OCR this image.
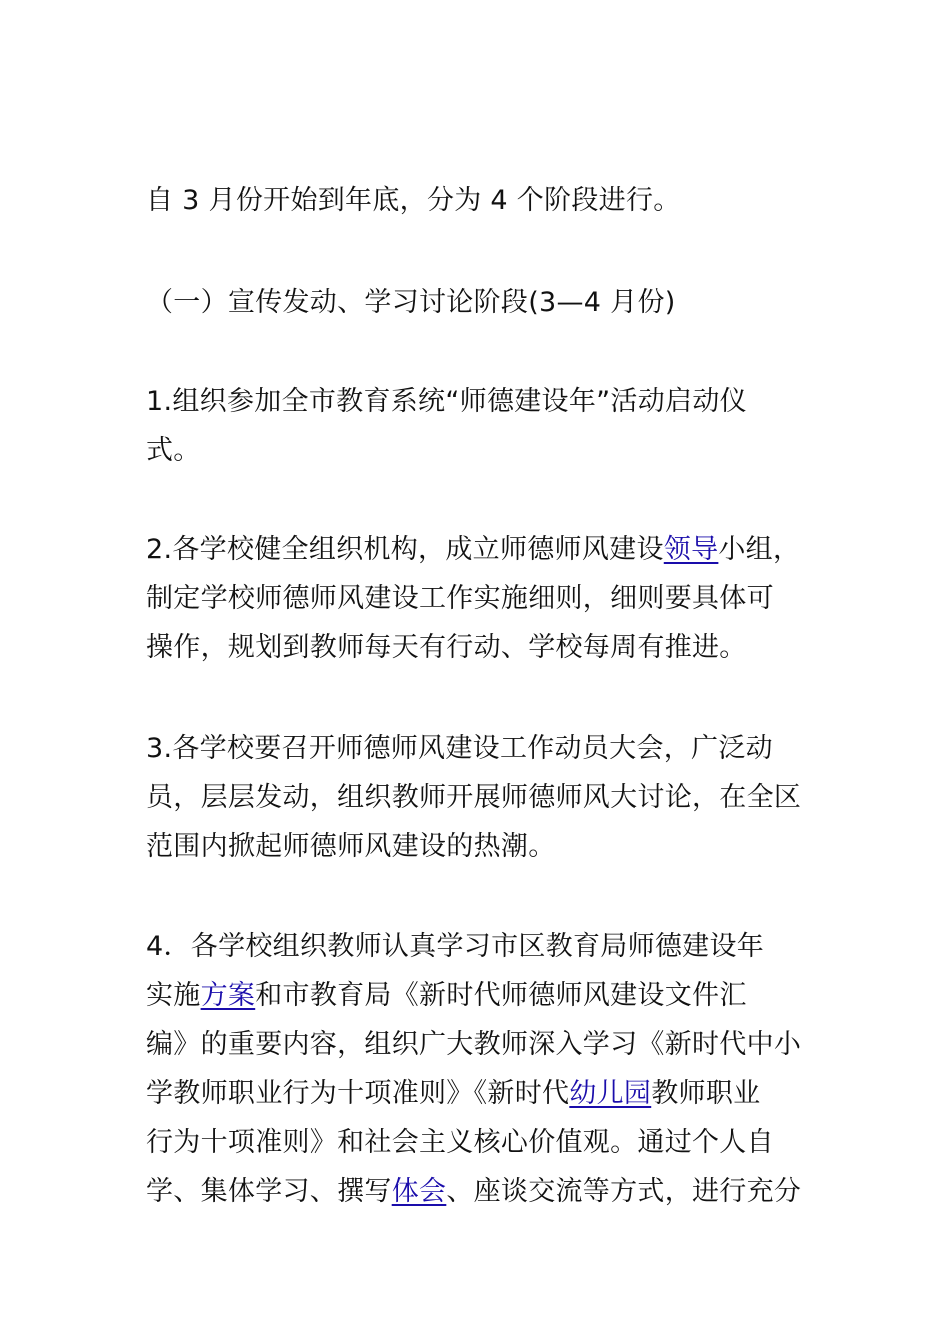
自 3 月份开始到年底，分为 4 个阶段进行。

（一）宣传发动、学习讨论阶段(3—4 月份)

1.组织参加全市教育系统“师德建设年”活动启动仪
式。

2.各学校健全组织机构，成立师德师风建设领导小组，
制定学校师德师风建设工作实施细则，细则要具体可
操作，规划到教师每天有行动、学校每周有推进。

3.各学校要召开师德师风建设工作动员大会，广泛动
员，层层发动，组织教师开展师德师风大讨论，在全区
范围内掀起师德师风建设的热潮。

4．各学校组织教师认真学习市区教育局师德建设年
实施方案和市教育局《新时代师德师风建设文件汇
编》的重要内容，组织广大教师深入学习《新时代中小
学教师职业行为十项准则》《新时代幼儿园教师职业
行为十项准则》和社会主义核心价值观。通过个人自
学、集体学习、撰写体会、座谈交流等方式，进行充分
